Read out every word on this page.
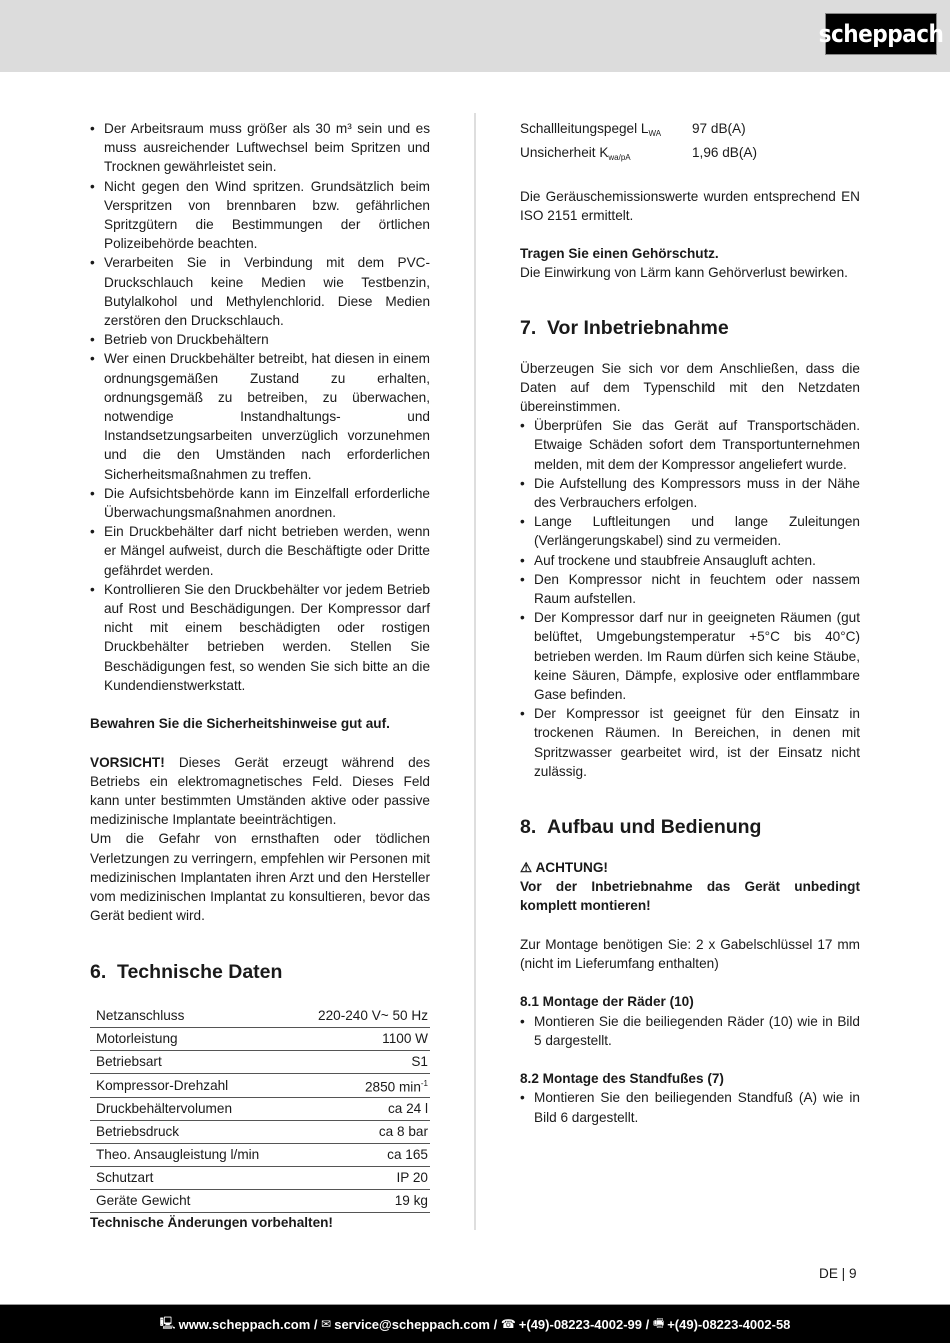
scheppach
• Der Arbeitsraum muss größer als 30 m³ sein und es muss ausreichender Luftwechsel beim Spritzen und Trocknen gewährleistet sein.
• Nicht gegen den Wind spritzen. Grundsätzlich beim Verspritzen von brennbaren bzw. gefährlichen Spritzgütern die Bestimmungen der örtlichen Polizeibehörde beachten.
• Verarbeiten Sie in Verbindung mit dem PVC-Druckschlauch keine Medien wie Testbenzin, Butylalkohol und Methylenchlorid. Diese Medien zerstören den Druckschlauch.
• Betrieb von Druckbehältern
• Wer einen Druckbehälter betreibt, hat diesen in einem ordnungsgemäßen Zustand zu erhalten, ordnungsgemäß zu betreiben, zu überwachen, notwendige Instandhaltungs- und Instandsetzungsarbeiten unverzüglich vorzunehmen und die den Umständen nach erforderlichen Sicherheitsmaßnahmen zu treffen.
• Die Aufsichtsbehörde kann im Einzelfall erforderliche Überwachungsmaßnahmen anordnen.
• Ein Druckbehälter darf nicht betrieben werden, wenn er Mängel aufweist, durch die Beschäftigte oder Dritte gefährdet werden.
• Kontrollieren Sie den Druckbehälter vor jedem Betrieb auf Rost und Beschädigungen. Der Kompressor darf nicht mit einem beschädigten oder rostigen Druckbehälter betrieben werden. Stellen Sie Beschädigungen fest, so wenden Sie sich bitte an die Kundendienstwerkstatt.

Bewahren Sie die Sicherheitshinweise gut auf.

VORSICHT! Dieses Gerät erzeugt während des Betriebs ein elektromagnetisches Feld. Dieses Feld kann unter bestimmten Umständen aktive oder passive medizinische Implantate beeinträchtigen.

Um die Gefahr von ernsthaften oder tödlichen Verletzungen zu verringern, empfehlen wir Personen mit medizinischen Implantaten ihren Arzt und den Hersteller vom medizinischen Implantat zu konsultieren, bevor das Gerät bedient wird.

6. Technische Daten
Netzanschluss	220-240 V~ 50 Hz
Motorleistung	1100 W
Betriebsart	S1
Kompressor-Drehzahl	2850 $\min^{-1}$
Druckbehältervolumen	ca 24 l
Betriebsdruck	ca 8 bar
Theo. Ansaugleistung l/min	ca 165
Schutzart	IP 20
Geräte Gewicht	19 kg

Technische Änderungen vorbehalten!

Schallleitungspegel $L_{WA}$	97 dB(A)
Unsicherheit $K_{wa/pA}$	1,96 dB(A)

Die Geräuschemissionswerte wurden entsprechend EN ISO 2151 ermittelt.

Tragen Sie einen Gehörschutz.

Die Einwirkung von Lärm kann Gehörverlust bewirken.

7. Vor Inbetriebnahme

Überzeugen Sie sich vor dem Anschließen, dass die Daten auf dem Typenschild mit den Netzdaten übereinstimmen.

• Überprüfen Sie das Gerät auf Transportschäden. Etwaige Schäden sofort dem Transportunternehmen melden, mit dem der Kompressor angeliefert wurde.
• Die Aufstellung des Kompressors muss in der Nähe des Verbrauchers erfolgen.
• Lange Luftleitungen und lange Zuleitungen (Verlängerungskabel) sind zu vermeiden.
• Auf trockene und staubfreie Ansaugluft achten.
• Den Kompressor nicht in feuchtem oder nassem Raum aufstellen.
• Der Kompressor darf nur in geeigneten Räumen (gut belüftet, Umgebungstemperatur +5°C bis 40°C) betrieben werden. Im Raum dürfen sich keine Stäube, keine Säuren, Dämpfe, explosive oder entflammbare Gase befinden.
• Der Kompressor ist geeignet für den Einsatz in trockenen Räumen. In Bereichen, in denen mit Spritzwasser gearbeitet wird, ist der Einsatz nicht zulässig.
8. Aufbau und Bedienung

⚠ ACHTUNG!

Vor der Inbetriebnahme das Gerät unbedingt komplett montieren!

Zur Montage benötigen Sie: 2 x Gabelschlüssel 17 mm (nicht im Lieferumfang enthalten)

8.1 Montage der Räder (10)
• Montieren Sie die beiliegenden Räder (10) wie in Bild 5 dargestellt.
8.2 Montage des Standfußes (7)
• Montieren Sie den beiliegenden Standfuß (A) wie in Bild 6 dargestellt.
DE | 9
🖳 www.scheppach.com / ✉ service@scheppach.com / ☎ +(49)-08223-4002-99 / 🖷 +(49)-08223-4002-58
